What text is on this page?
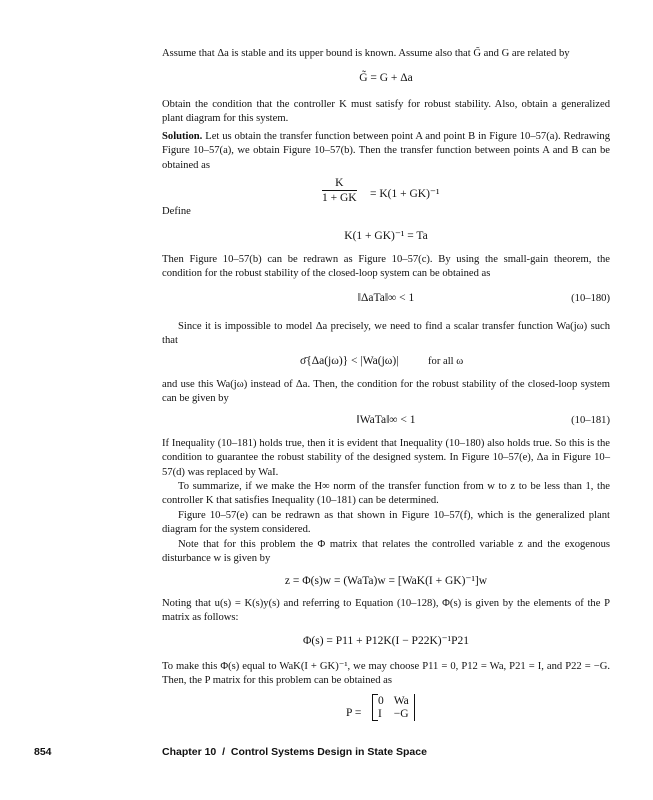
Assume that Δa is stable and its upper bound is known. Assume also that G̃ and G are related by
G̃ = G + Δa
Obtain the condition that the controller K must satisfy for robust stability. Also, obtain a generalized plant diagram for this system.
Solution. Let us obtain the transfer function between point A and point B in Figure 10–57(a). Redrawing Figure 10–57(a), we obtain Figure 10–57(b). Then the transfer function between points A and B can be obtained as
$\frac{K}{1 + GK} = K(1 + GK)^{-1}$
Define
K(1 + GK)⁻¹ = Ta
Then Figure 10–57(b) can be redrawn as Figure 10–57(c). By using the small-gain theorem, the condition for the robust stability of the closed-loop system can be obtained as
‖ΔaTa‖∞ < 1	(10–180)
Since it is impossible to model Δa precisely, we need to find a scalar transfer function Wa(jω) such that
σ̄{Δa(jω)} < |Wa(jω)|	for all ω
and use this Wa(jω) instead of Δa. Then, the condition for the robust stability of the closed-loop system can be given by
‖WaTa‖∞ < 1	(10–181)
If Inequality (10–181) holds true, then it is evident that Inequality (10–180) also holds true. So this is the condition to guarantee the robust stability of the designed system. In Figure 10–57(e), Δa in Figure 10–57(d) was replaced by WaI.
To summarize, if we make the H∞ norm of the transfer function from w to z to be less than 1, the controller K that satisfies Inequality (10–181) can be determined.
Figure 10–57(e) can be redrawn as that shown in Figure 10–57(f), which is the generalized plant diagram for the system considered.
Note that for this problem the Φ matrix that relates the controlled variable z and the exogenous disturbance w is given by
z = Φ(s)w = (WaTa)w = [WaK(I + GK)⁻¹]w
Noting that u(s) = K(s)y(s) and referring to Equation (10–128), Φ(s) is given by the elements of the P matrix as follows:
Φ(s) = P11 + P12K(I − P22K)⁻¹P21
To make this Φ(s) equal to WaK(I + GK)⁻¹, we may choose P11 = 0, P12 = Wa, P21 = I, and P22 = −G. Then, the P matrix for this problem can be obtained as
P =
0 Wa
I −G
854	Chapter 10  /  Control Systems Design in State Space
